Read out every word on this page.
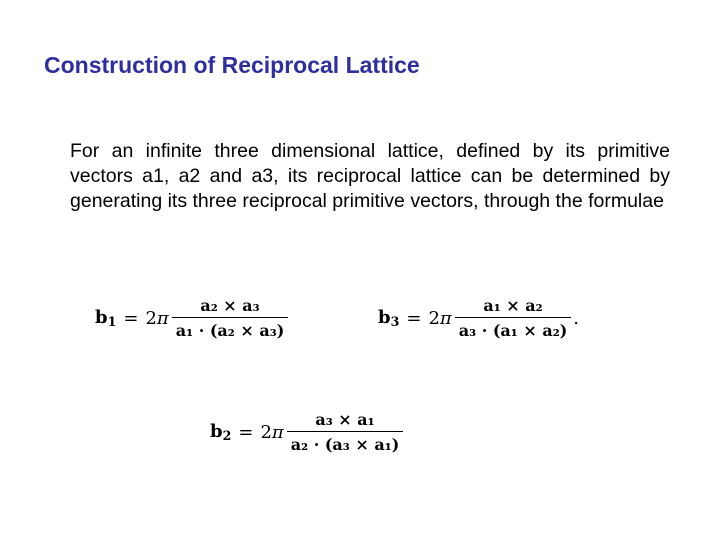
Construction of Reciprocal Lattice

For an infinite three dimensional lattice, defined by its primitive vectors a1, a2 and a3, its reciprocal lattice can be determined by generating its three reciprocal primitive vectors, through the formulae

$b_1 = 2\pi \frac{\text{a₂ × a₃}}{\text{a₁ · (a₂ × a₃)}}$	$b_3 = 2\pi \frac{\text{a₁ × a₂}}{\text{a₃ · (a₁ × a₂)}}$ .
$b_2 = 2\pi \frac{\text{a₃ × a₁}}{\text{a₂ · (a₃ × a₁)}}$
